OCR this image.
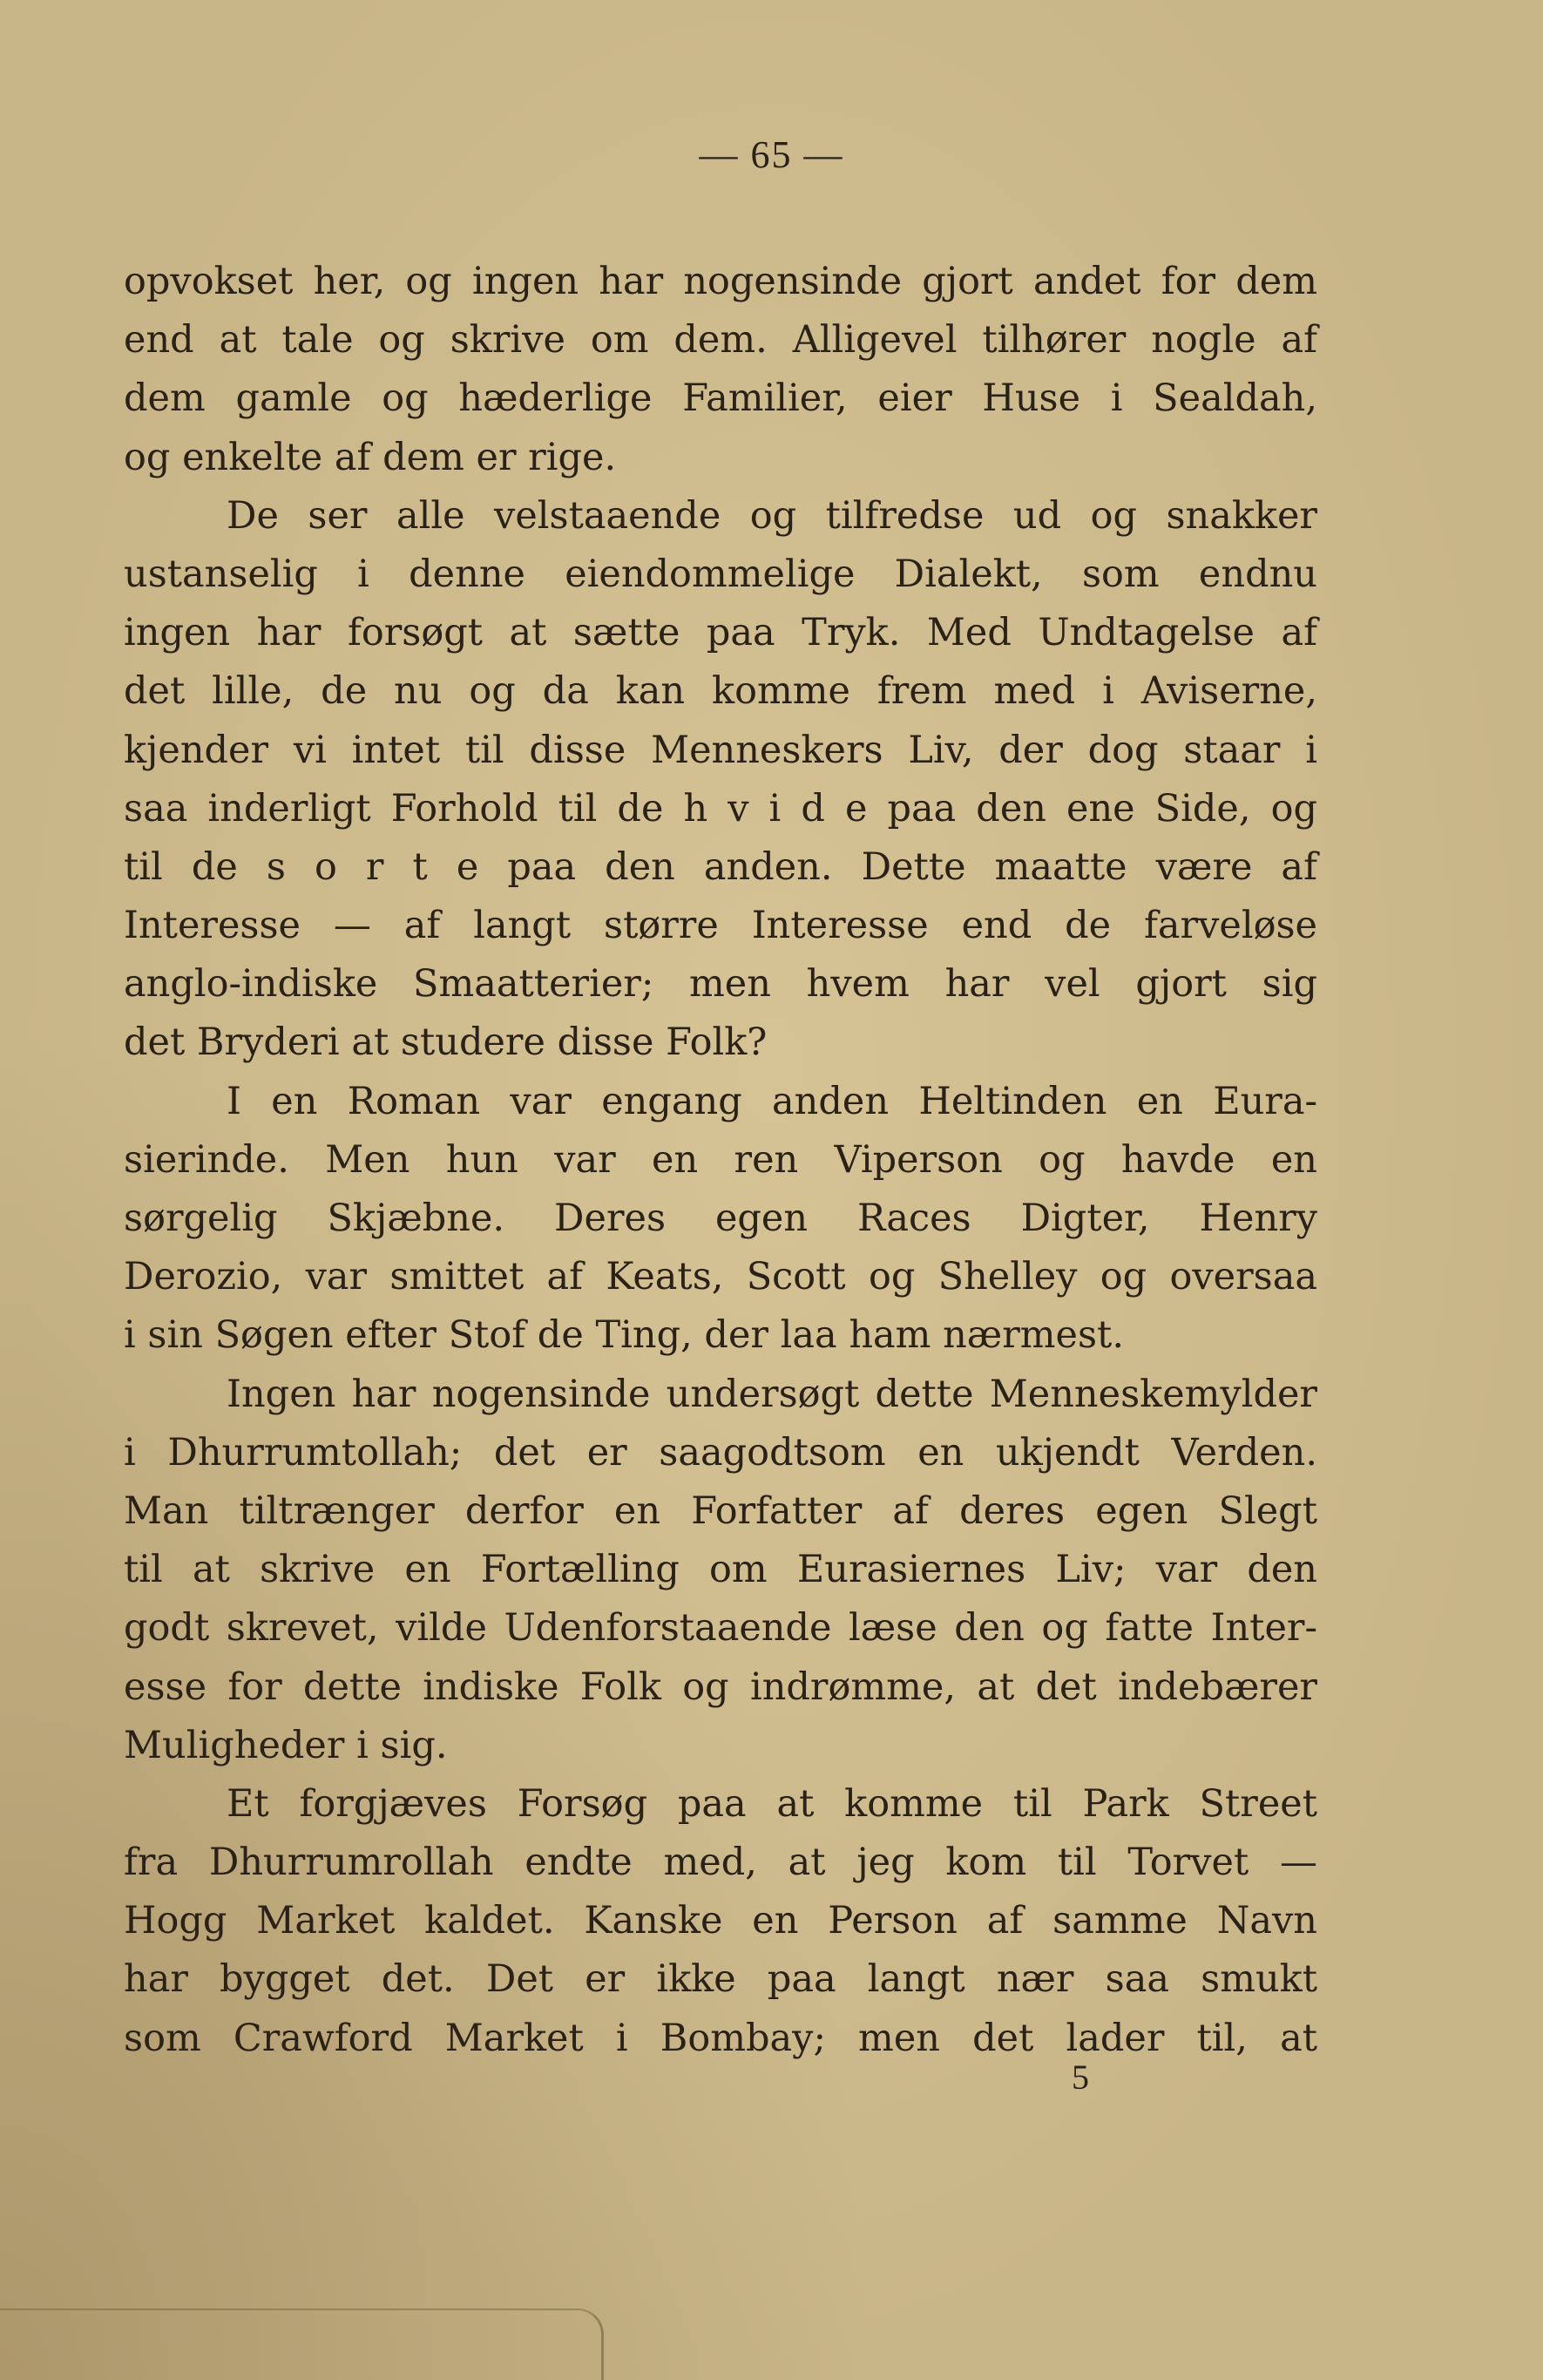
— 65 —
opvokset her, og ingen har nogensinde gjort andet for dem
end at tale og skrive om dem. Alligevel tilhører nogle af
dem gamle og hæderlige Familier, eier Huse i Sealdah,
og enkelte af dem er rige.
De ser alle velstaaende og tilfredse ud og snakker
ustanselig i denne eiendommelige Dialekt, som endnu
ingen har forsøgt at sætte paa Tryk. Med Undtagelse af
det lille, de nu og da kan komme frem med i Aviserne,
kjender vi intet til disse Menneskers Liv, der dog staar i
saa inderligt Forhold til de h v i d e paa den ene Side, og
til de s o r t e paa den anden. Dette maatte være af
Interesse — af langt større Interesse end de farveløse
anglo-indiske Smaatterier; men hvem har vel gjort sig
det Bryderi at studere disse Folk?
I en Roman var engang anden Heltinden en Eura-
sierinde. Men hun var en ren Viperson og havde en
sørgelig Skjæbne. Deres egen Races Digter, Henry
Derozio, var smittet af Keats, Scott og Shelley og oversaa
i sin Søgen efter Stof de Ting, der laa ham nærmest.
Ingen har nogensinde undersøgt dette Menneskemylder
i Dhurrumtollah; det er saagodtsom en ukjendt Verden.
Man tiltrænger derfor en Forfatter af deres egen Slegt
til at skrive en Fortælling om Eurasiernes Liv; var den
godt skrevet, vilde Udenforstaaende læse den og fatte Inter-
esse for dette indiske Folk og indrømme, at det indebærer
Muligheder i sig.
Et forgjæves Forsøg paa at komme til Park Street
fra Dhurrumrollah endte med, at jeg kom til Torvet —
Hogg Market kaldet. Kanske en Person af samme Navn
har bygget det. Det er ikke paa langt nær saa smukt
som Crawford Market i Bombay; men det lader til, at
5
